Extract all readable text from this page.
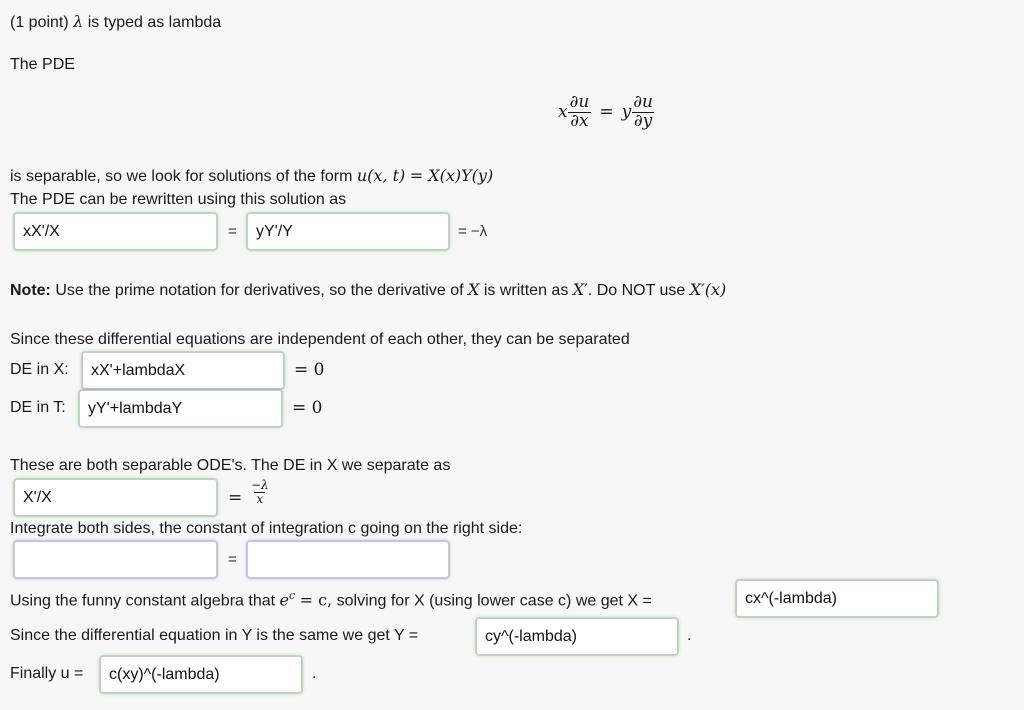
(1 point) λ is typed as lambda
The PDE
x $\frac{\partial u}{\partial x} = y \frac{\partial u}{\partial y}$
is separable, so we look for solutions of the form u(x, t) = X(x)Y(y)
The PDE can be rewritten using this solution as
xX'/X
=
yY'/Y	= −λ
Note: Use the prime notation for derivatives, so the derivative of X is written as X′. Do NOT use X′(x)
Since these differential equations are independent of each other, they can be separated
DE in X:
xX'+lambdaX	= 0
DE in T:
yY'+lambdaY	= 0
These are both separable ODE's. The DE in X we separate as
X'/X
= $\frac{-\lambda}{x}$
Integrate both sides, the constant of integration c going on the right side:
=
Using the funny constant algebra that $e^c = c$, solving for X (using lower case c) we get X =
cx^(-lambda)
Since the differential equation in Y is the same we get Y =
cy^(-lambda)	.
Finally u =
c(xy)^(-lambda)	.
